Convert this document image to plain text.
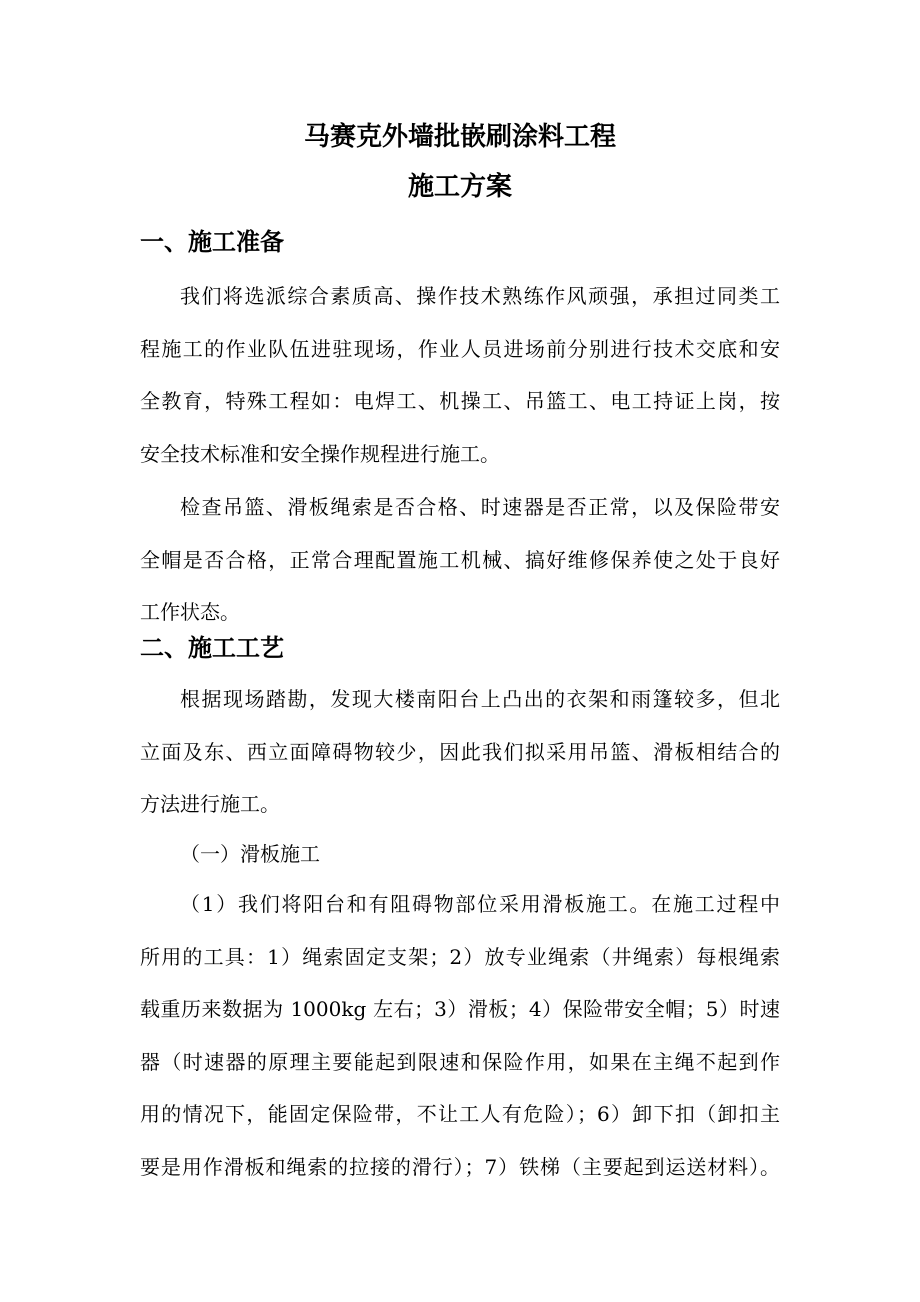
马赛克外墙批嵌刷涂料工程
施工方案
一、施工准备
我们将选派综合素质高、操作技术熟练作风顽强，承担过同类工
程施工的作业队伍进驻现场，作业人员进场前分别进行技术交底和安
全教育，特殊工程如：电焊工、机操工、吊篮工、电工持证上岗，按
安全技术标准和安全操作规程进行施工。
检查吊篮、滑板绳索是否合格、时速器是否正常，以及保险带安
全帽是否合格，正常合理配置施工机械、搞好维修保养使之处于良好
工作状态。
二、施工工艺
根据现场踏勘，发现大楼南阳台上凸出的衣架和雨篷较多，但北
立面及东、西立面障碍物较少，因此我们拟采用吊篮、滑板相结合的
方法进行施工。
（一）滑板施工
（1）我们将阳台和有阻碍物部位采用滑板施工。在施工过程中
所用的工具：1）绳索固定支架；2）放专业绳索（井绳索）每根绳索
载重历来数据为 1000kg 左右；3）滑板；4）保险带安全帽；5）时速
器（时速器的原理主要能起到限速和保险作用，如果在主绳不起到作
用的情况下，能固定保险带，不让工人有危险）；6）卸下扣（卸扣主
要是用作滑板和绳索的拉接的滑行）；7）铁梯（主要起到运送材料）。
